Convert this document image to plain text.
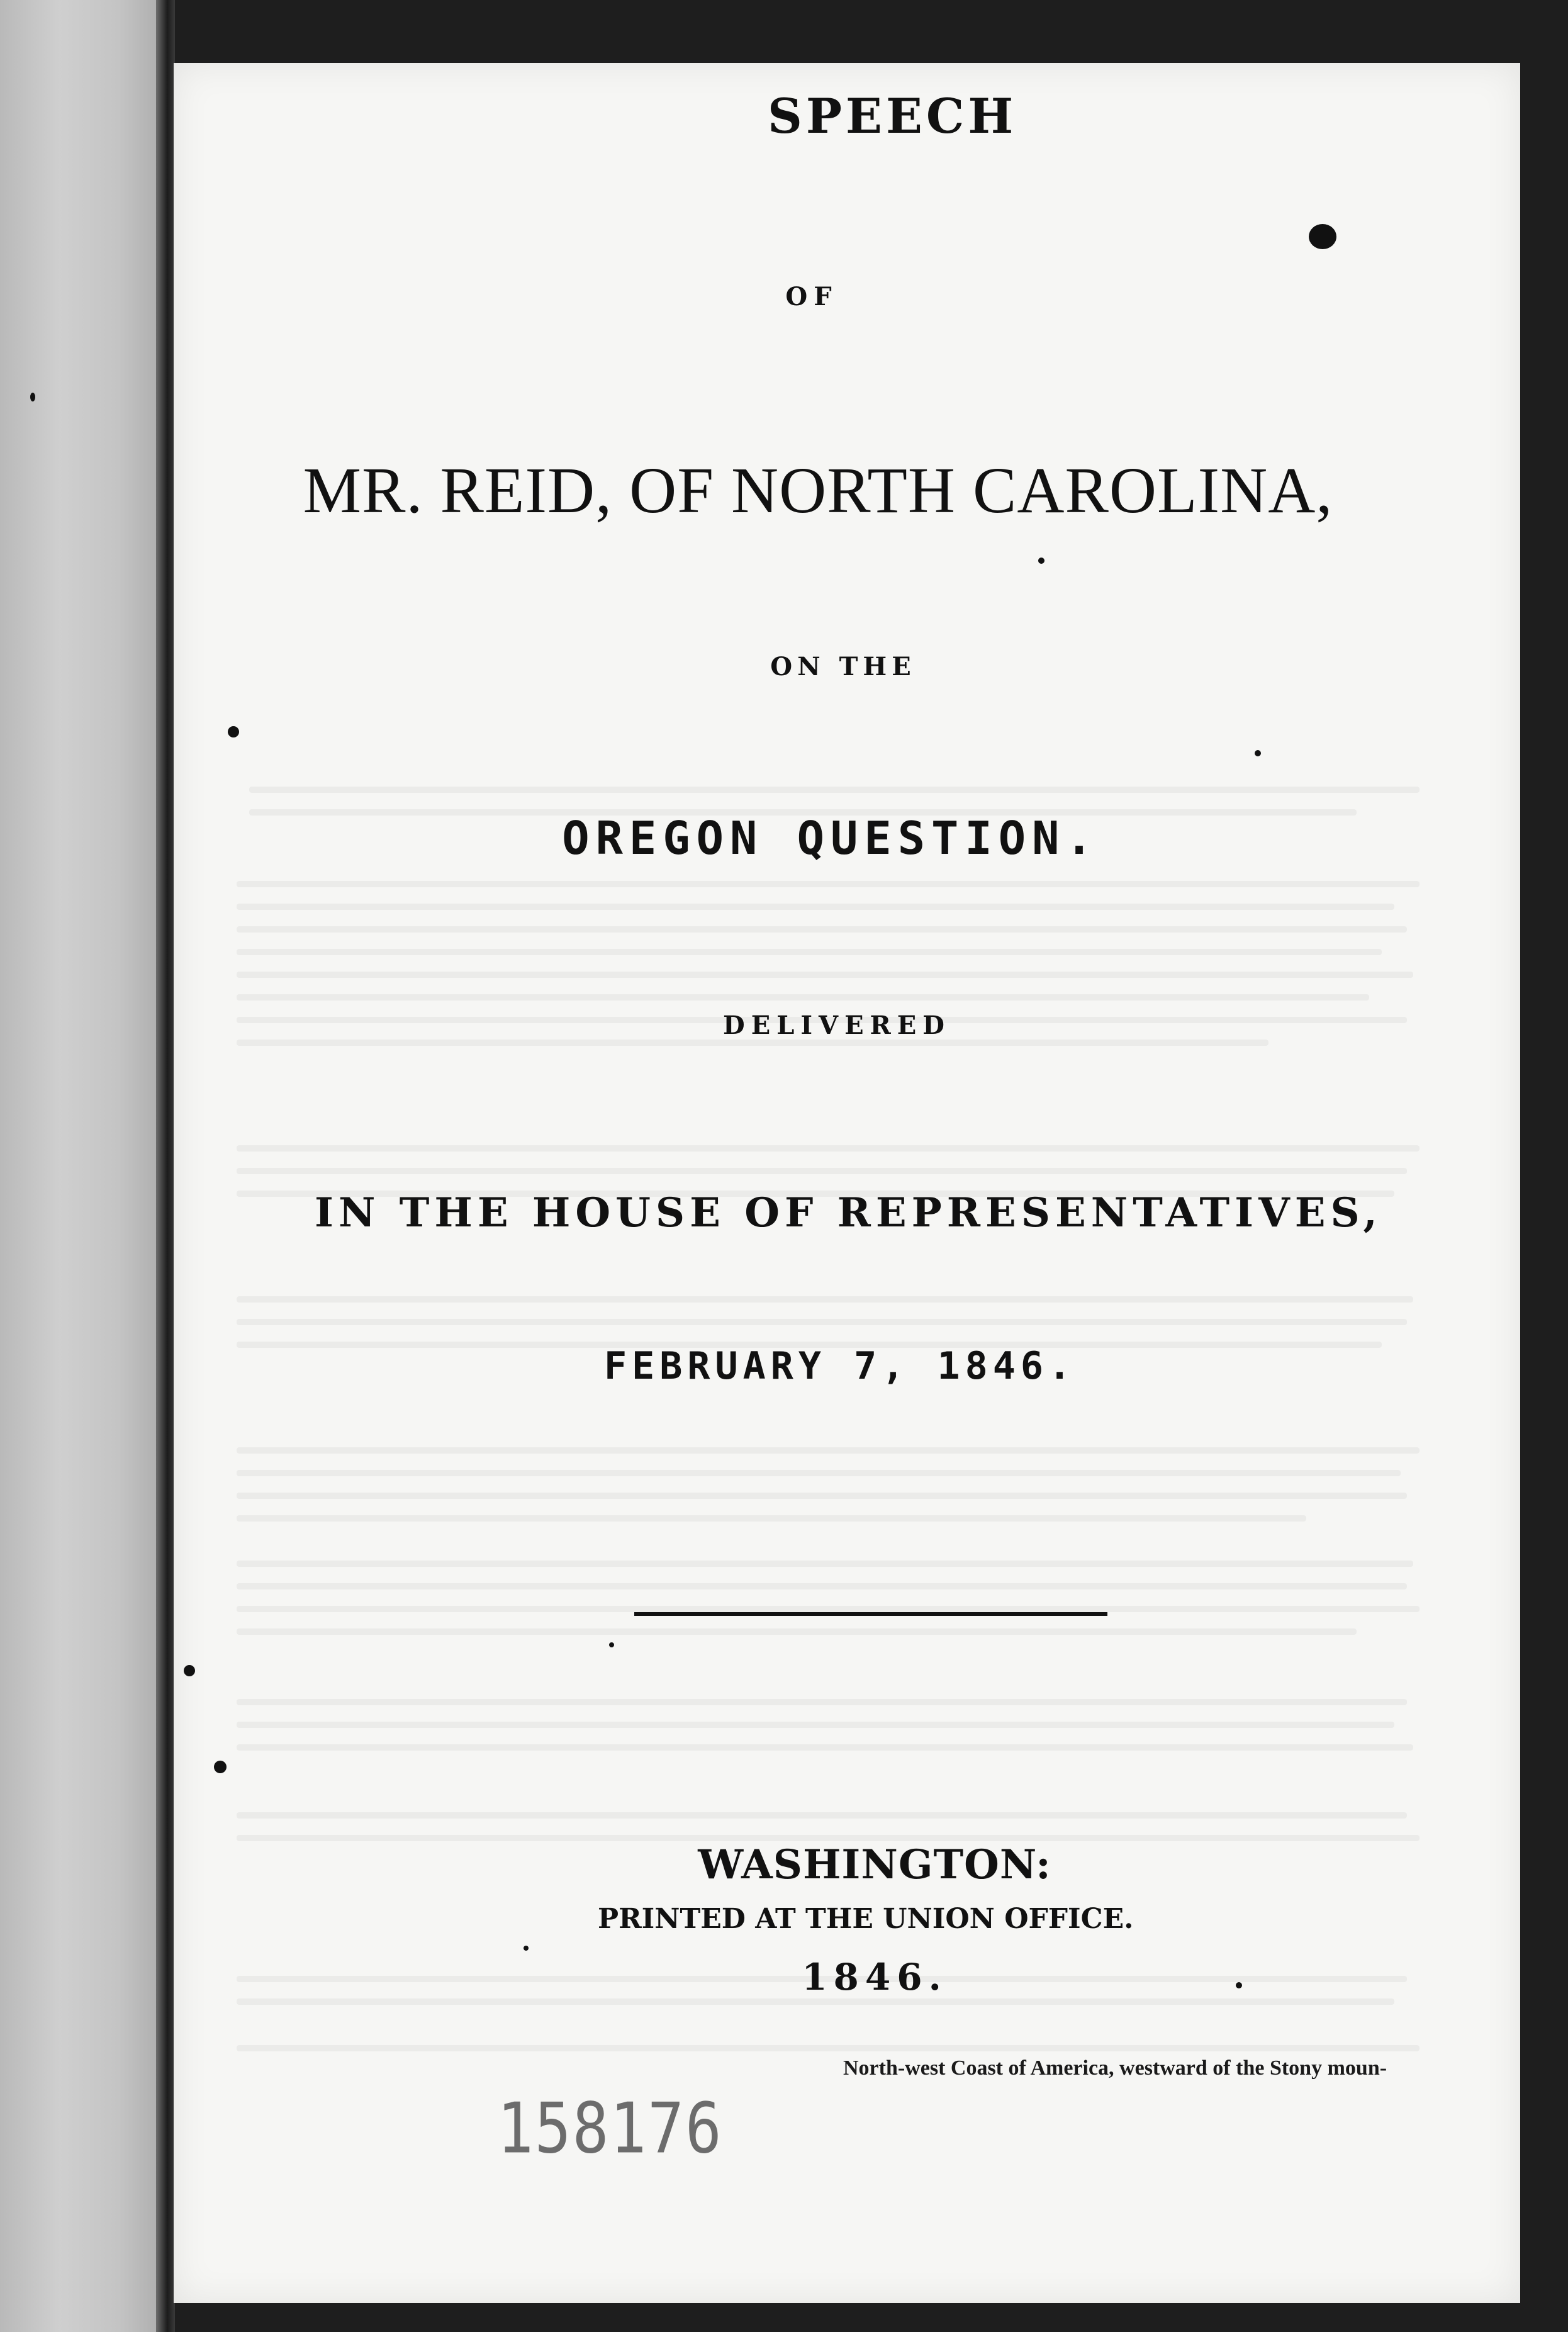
SPEECH
OF
MR. REID, OF NORTH CAROLINA,
ON THE
OREGON QUESTION.
DELIVERED
IN THE HOUSE OF REPRESENTATIVES,
FEBRUARY 7, 1846.
WASHINGTON:
PRINTED AT THE UNION OFFICE.
1846.
North-west Coast of America, westward of the Stony moun-
158176
